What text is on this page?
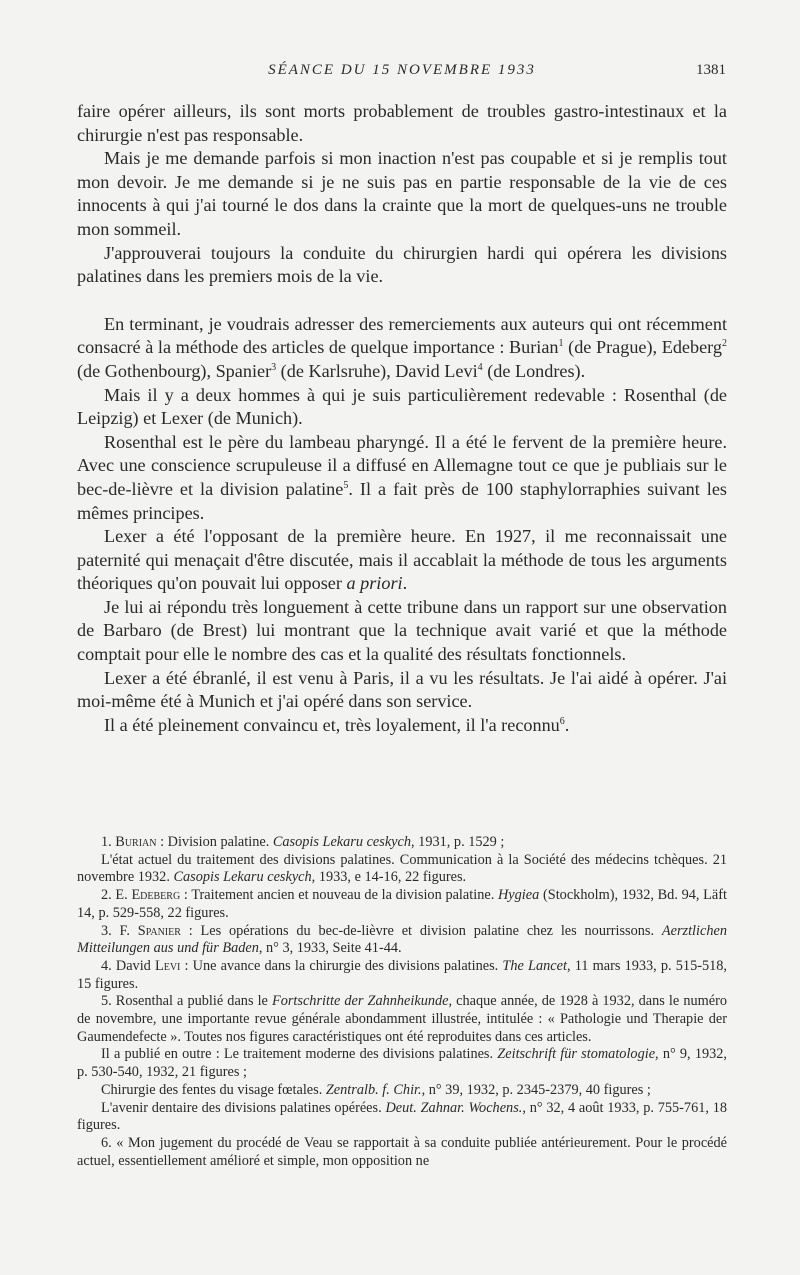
SÉANCE DU 15 NOVEMBRE 1933	1381

faire opérer ailleurs, ils sont morts probablement de troubles gastro-intestinaux et la chirurgie n'est pas responsable.

Mais je me demande parfois si mon inaction n'est pas coupable et si je remplis tout mon devoir. Je me demande si je ne suis pas en partie responsable de la vie de ces innocents à qui j'ai tourné le dos dans la crainte que la mort de quelques-uns ne trouble mon sommeil.

J'approuverai toujours la conduite du chirurgien hardi qui opérera les divisions palatines dans les premiers mois de la vie.

En terminant, je voudrais adresser des remerciements aux auteurs qui ont récemment consacré à la méthode des articles de quelque importance : Burian$^1$ (de Prague), Edeberg$^2$ (de Gothenbourg), Spanier$^3$ (de Karlsruhe), David Levi$^4$ (de Londres).

Mais il y a deux hommes à qui je suis particulièrement redevable : Rosenthal (de Leipzig) et Lexer (de Munich).

Rosenthal est le père du lambeau pharyngé. Il a été le fervent de la première heure. Avec une conscience scrupuleuse il a diffusé en Allemagne tout ce que je publiais sur le bec-de-lièvre et la division palatine$^5$. Il a fait près de 100 staphylorraphies suivant les mêmes principes.

Lexer a été l'opposant de la première heure. En 1927, il me reconnaissait une paternité qui menaçait d'être discutée, mais il accablait la méthode de tous les arguments théoriques qu'on pouvait lui opposer a priori.

Je lui ai répondu très longuement à cette tribune dans un rapport sur une observation de Barbaro (de Brest) lui montrant que la technique avait varié et que la méthode comptait pour elle le nombre des cas et la qualité des résultats fonctionnels.

Lexer a été ébranlé, il est venu à Paris, il a vu les résultats. Je l'ai aidé à opérer. J'ai moi-même été à Munich et j'ai opéré dans son service.

Il a été pleinement convaincu et, très loyalement, il l'a reconnu$^6$.

1. Burian : Division palatine. Casopis Lekaru ceskych, 1931, p. 1529 ;

L'état actuel du traitement des divisions palatines. Communication à la Société des médecins tchèques. 21 novembre 1932. Casopis Lekaru ceskych, 1933, e 14-16, 22 figures.

2. E. Edeberg : Traitement ancien et nouveau de la division palatine. Hygiea (Stockholm), 1932, Bd. 94, Läft 14, p. 529-558, 22 figures.

3. F. Spanier : Les opérations du bec-de-lièvre et division palatine chez les nourrissons. Aerztlichen Mitteilungen aus und für Baden, n° 3, 1933, Seite 41-44.

4. David Levi : Une avance dans la chirurgie des divisions palatines. The Lancet, 11 mars 1933, p. 515-518, 15 figures.

5. Rosenthal a publié dans le Fortschritte der Zahnheikunde, chaque année, de 1928 à 1932, dans le numéro de novembre, une importante revue générale abondamment illustrée, intitulée : « Pathologie und Therapie der Gaumendefecte ». Toutes nos figures caractéristiques ont été reproduites dans ces articles.

Il a publié en outre : Le traitement moderne des divisions palatines. Zeitschrift für stomatologie, n° 9, 1932, p. 530-540, 1932, 21 figures ;

Chirurgie des fentes du visage fœtales. Zentralb. f. Chir., n° 39, 1932, p. 2345-2379, 40 figures ;

L'avenir dentaire des divisions palatines opérées. Deut. Zahnar. Wochens., n° 32, 4 août 1933, p. 755-761, 18 figures.

6. « Mon jugement du procédé de Veau se rapportait à sa conduite publiée antérieurement. Pour le procédé actuel, essentiellement amélioré et simple, mon opposition ne
